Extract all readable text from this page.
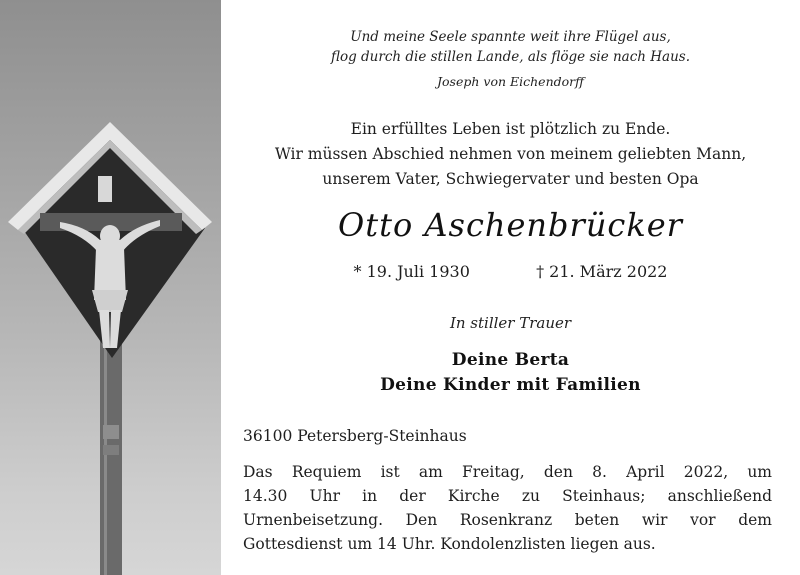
Und meine Seele spannte weit ihre Flügel aus,
flog durch die stillen Lande, als flöge sie nach Haus.
Joseph von Eichendorff
Ein erfülltes Leben ist plötzlich zu Ende.
Wir müssen Abschied nehmen von meinem geliebten Mann,
unserem Vater, Schwiegervater und besten Opa
Otto Aschenbrücker
* 19. Juli 1930	† 21. März 2022
In stiller Trauer
Deine Berta
Deine Kinder mit Familien
36100 Petersberg-Steinhaus
Das Requiem ist am Freitag, den 8. April 2022, um
14.30 Uhr in der Kirche zu Steinhaus; anschließend
Urnenbeisetzung. Den Rosenkranz beten wir vor dem
Gottesdienst um 14 Uhr. Kondolenzlisten liegen aus.
